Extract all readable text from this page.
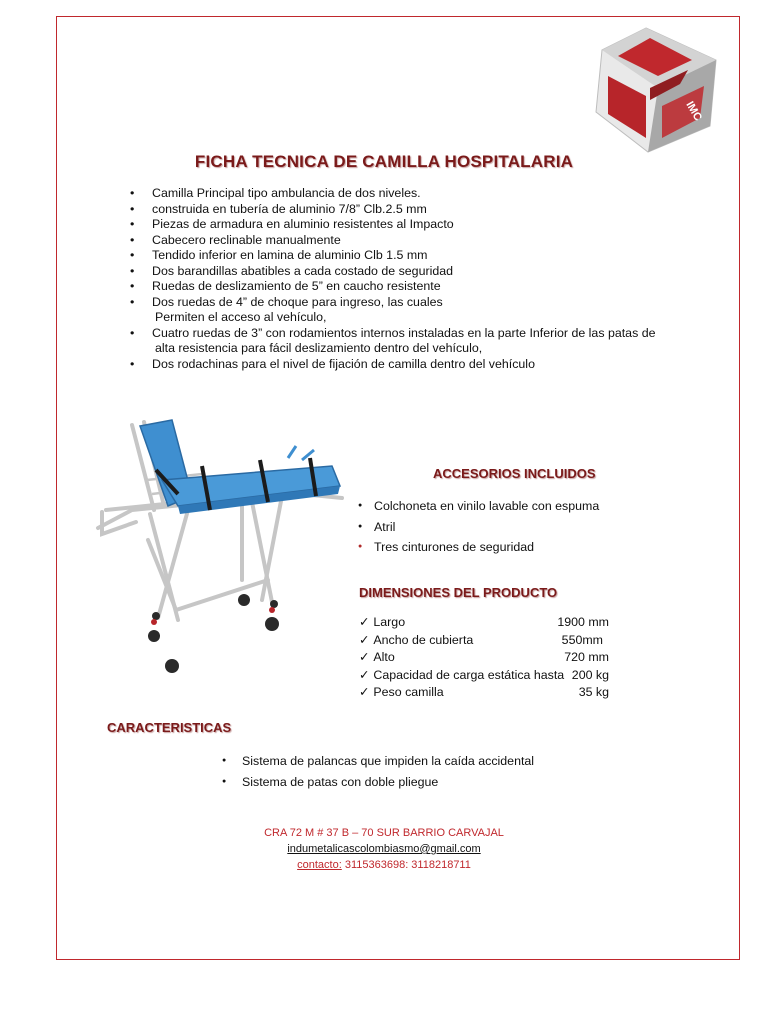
IMC
FICHA TECNICA DE CAMILLA HOSPITALARIA
• Camilla Principal tipo ambulancia de dos niveles.
• construida en tubería de aluminio 7/8” Clb.2.5 mm
• Piezas de armadura en aluminio resistentes al Impacto
• Cabecero reclinable manualmente
• Tendido inferior en lamina de aluminio Clb 1.5 mm
• Dos barandillas abatibles a cada costado de seguridad
• Ruedas de deslizamiento de 5” en caucho resistente
• Dos ruedas de 4” de choque para ingreso, las cuales
Permiten el acceso al vehículo,
• Cuatro ruedas de 3” con rodamientos internos instaladas en la parte Inferior de las patas de
alta resistencia para fácil deslizamiento dentro del vehículo,
• Dos rodachinas para el nivel de fijación de camilla dentro del vehículo
ACCESORIOS INCLUIDOS
● Colchoneta en vinilo lavable con espuma
● Atril
● Tres cinturones de seguridad
DIMENSIONES DEL PRODUCTO
✓ Largo	1900 mm
✓ Ancho de cubierta	550mm
✓ Alto	720 mm
✓ Capacidad de carga estática hasta 200 kg
✓ Peso camilla	35 kg
CARACTERISTICAS
● Sistema de palancas que impiden la caída accidental
● Sistema de patas con doble pliegue
CRA 72 M # 37 B – 70 SUR BARRIO CARVAJAL
indumetalicascolombiasmo@gmail.com
contacto: 3115363698: 3118218711
